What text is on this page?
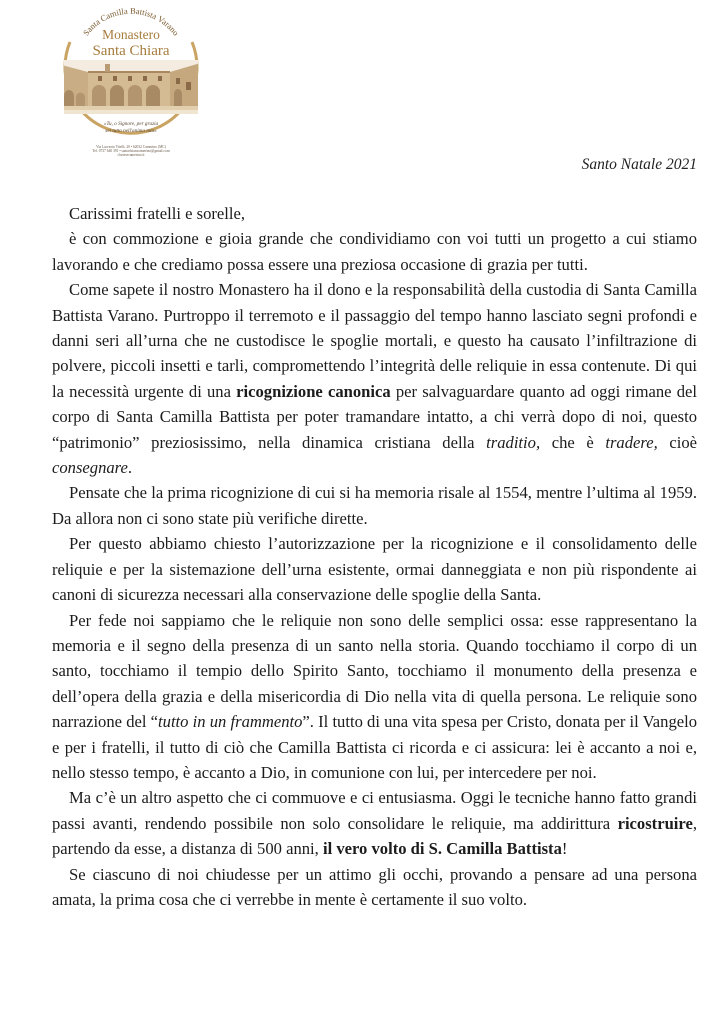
Santa Camilla Battista Varano
Monastero
Santa Chiara
«Tu, o Signore, per grazia
sei tutto nell'anima mia»
Via Lucrezio Vitelli, 20 • 62032 Camerino (MC)
Tel. 0737 640 391 • santachiaracamerino@gmail.com
clarissecamerino.it
Santo Natale 2021

Carissimi fratelli e sorelle,

è con commozione e gioia grande che condividiamo con voi tutti un progetto a cui stiamo lavorando e che crediamo possa essere una preziosa occasione di grazia per tutti.

Come sapete il nostro Monastero ha il dono e la responsabilità della custodia di Santa Camilla Battista Varano. Purtroppo il terremoto e il passaggio del tempo hanno lasciato segni profondi e danni seri all’urna che ne custodisce le spoglie mortali, e questo ha causato l’infiltrazione di polvere, piccoli insetti e tarli, compromettendo l’integrità delle reliquie in essa contenute. Di qui la necessità urgente di una ricognizione canonica per salvaguardare quanto ad oggi rimane del corpo di Santa Camilla Battista per poter tramandare intatto, a chi verrà dopo di noi, questo “patrimonio” preziosissimo, nella dinamica cristiana della traditio, che è tradere, cioè consegnare.

Pensate che la prima ricognizione di cui si ha memoria risale al 1554, mentre l’ultima al 1959. Da allora non ci sono state più verifiche dirette.

Per questo abbiamo chiesto l’autorizzazione per la ricognizione e il consolidamento delle reliquie e per la sistemazione dell’urna esistente, ormai danneggiata e non più rispondente ai canoni di sicurezza necessari alla conservazione delle spoglie della Santa.

Per fede noi sappiamo che le reliquie non sono delle semplici ossa: esse rappresentano la memoria e il segno della presenza di un santo nella storia. Quando tocchiamo il corpo di un santo, tocchiamo il tempio dello Spirito Santo, tocchiamo il monumento della presenza e dell’opera della grazia e della misericordia di Dio nella vita di quella persona. Le reliquie sono narrazione del “tutto in un frammento”. Il tutto di una vita spesa per Cristo, donata per il Vangelo e per i fratelli, il tutto di ciò che Camilla Battista ci ricorda e ci assicura: lei è accanto a noi e, nello stesso tempo, è accanto a Dio, in comunione con lui, per intercedere per noi.

Ma c’è un altro aspetto che ci commuove e ci entusiasma. Oggi le tecniche hanno fatto grandi passi avanti, rendendo possibile non solo consolidare le reliquie, ma addirittura ricostruire, partendo da esse, a distanza di 500 anni, il vero volto di S. Camilla Battista!

Se ciascuno di noi chiudesse per un attimo gli occhi, provando a pensare ad una persona amata, la prima cosa che ci verrebbe in mente è certamente il suo volto.
